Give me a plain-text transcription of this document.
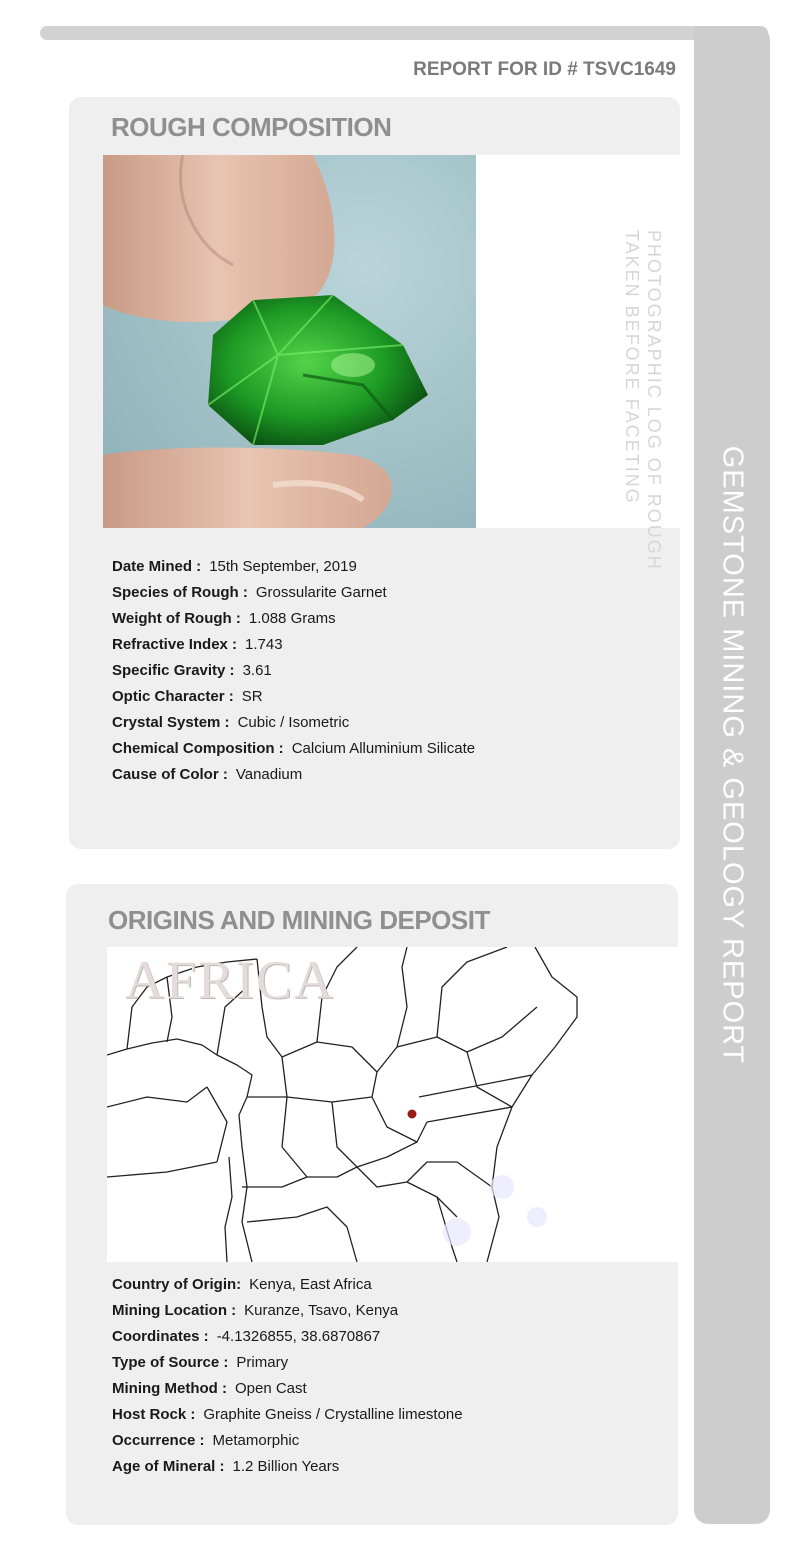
GEMSTONE MINING & GEOLOGY REPORT
REPORT FOR ID # TSVC1649
ROUGH COMPOSITION
PHOTOGRAPHIC LOG OF ROUGH
TAKEN BEFORE FACETING
Date Mined : 15th September, 2019
Species of Rough : Grossularite Garnet
Weight of Rough : 1.088 Grams
Refractive Index : 1.743
Specific Gravity : 3.61
Optic Character : SR
Crystal System : Cubic / Isometric
Chemical Composition : Calcium Alluminium Silicate
Cause of Color : Vanadium
ORIGINS AND MINING DEPOSIT
AFRICA
Country of Origin: Kenya, East Africa
Mining Location : Kuranze, Tsavo, Kenya
Coordinates : -4.1326855, 38.6870867
Type of Source : Primary
Mining Method : Open Cast
Host Rock : Graphite Gneiss / Crystalline limestone
Occurrence : Metamorphic
Age of Mineral : 1.2 Billion Years
